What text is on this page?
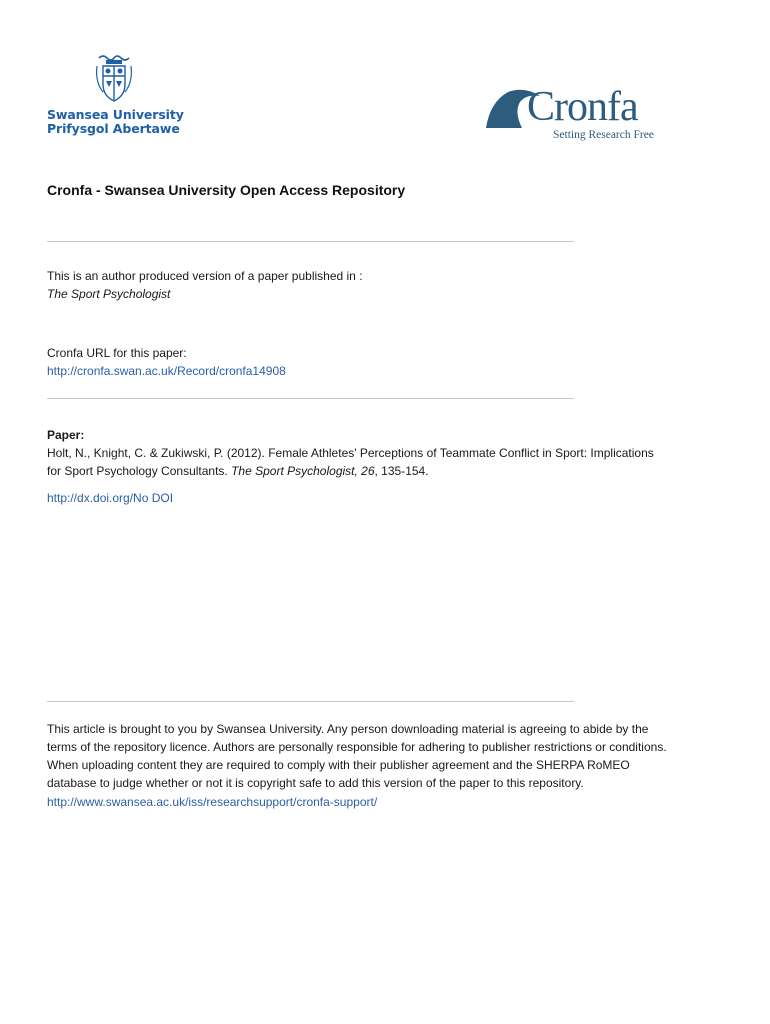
Swansea University
Prifysgol Abertawe	Cronfa
Setting Research Free
Cronfa - Swansea University Open Access Repository
This is an author produced version of a paper published in :
The Sport Psychologist
Cronfa URL for this paper:
http://cronfa.swan.ac.uk/Record/cronfa14908
Paper:
Holt, N., Knight, C. & Zukiwski, P. (2012). Female Athletes' Perceptions of Teammate Conflict in Sport: Implications
for Sport Psychology Consultants. The Sport Psychologist, 26, 135-154.
http://dx.doi.org/No DOI
This article is brought to you by Swansea University. Any person downloading material is agreeing to abide by the
terms of the repository licence. Authors are personally responsible for adhering to publisher restrictions or conditions.
When uploading content they are required to comply with their publisher agreement and the SHERPA RoMEO
database to judge whether or not it is copyright safe to add this version of the paper to this repository.
http://www.swansea.ac.uk/iss/researchsupport/cronfa-support/
